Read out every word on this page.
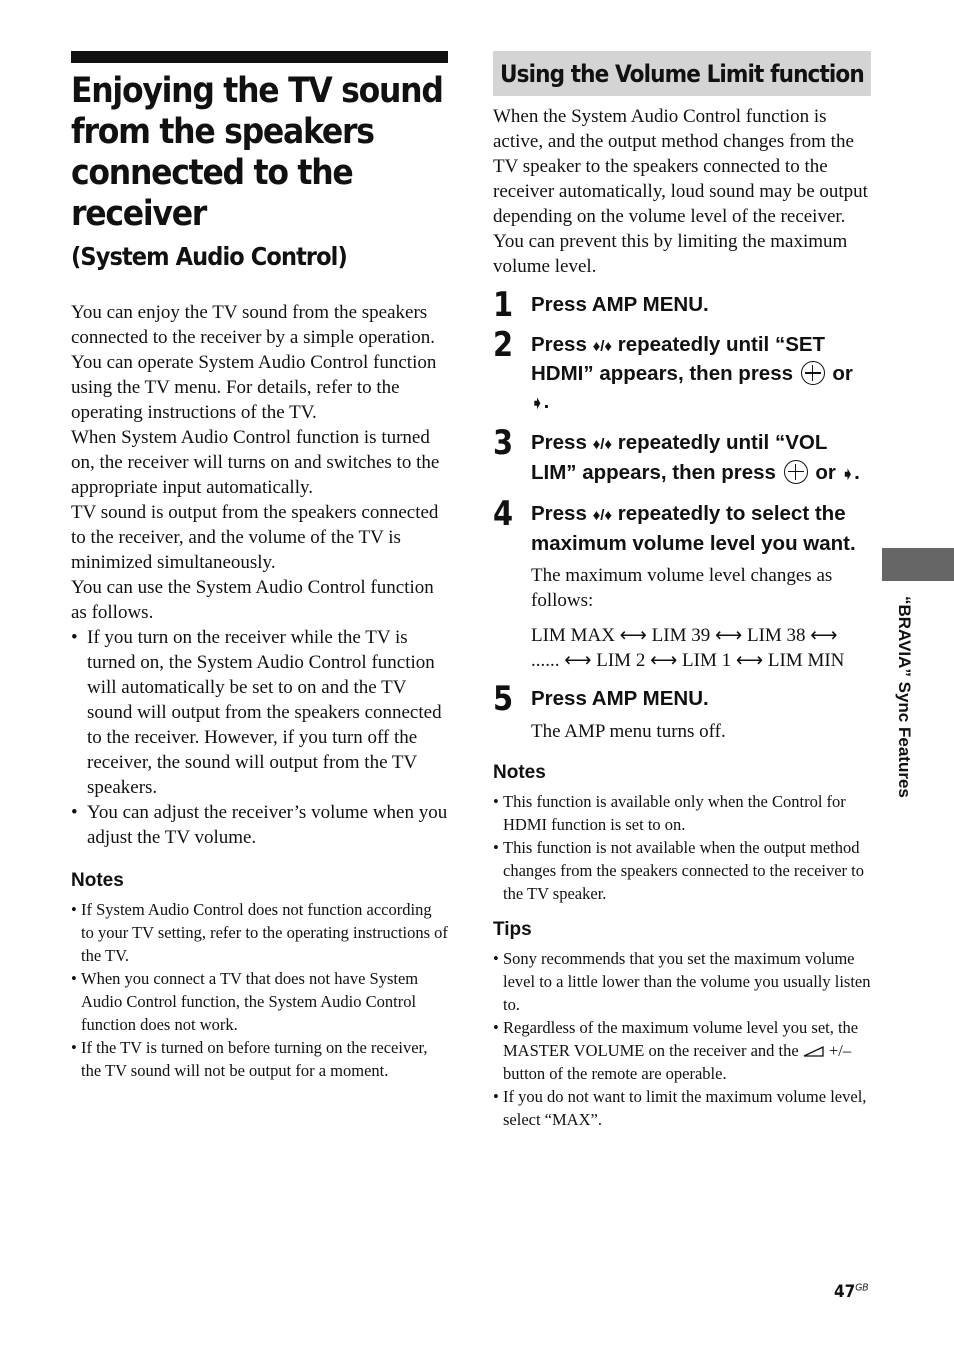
Enjoying the TV sound from the speakers connected to the receiver
(System Audio Control)

You can enjoy the TV sound from the speakers connected to the receiver by a simple operation.

You can operate System Audio Control function using the TV menu. For details, refer to the operating instructions of the TV.

When System Audio Control function is turned on, the receiver will turns on and switches to the appropriate input automatically.

TV sound is output from the speakers connected to the receiver, and the volume of the TV is minimized simultaneously.

You can use the System Audio Control function as follows.

• If you turn on the receiver while the TV is turned on, the System Audio Control function will automatically be set to on and the TV sound will output from the speakers connected to the receiver. However, if you turn off the receiver, the sound will output from the TV speakers.
• You can adjust the receiver’s volume when you adjust the TV volume.
Notes
• If System Audio Control does not function according to your TV setting, refer to the operating instructions of the TV.
• When you connect a TV that does not have System Audio Control function, the System Audio Control function does not work.
• If the TV is turned on before turning on the receiver, the TV sound will not be output for a moment.
Using the Volume Limit function

When the System Audio Control function is active, and the output method changes from the TV speaker to the speakers connected to the receiver automatically, loud sound may be output depending on the volume level of the receiver. You can prevent this by limiting the maximum volume level.

1 Press AMP MENU.
2 Press ♦/♦ repeatedly until “SET HDMI” appears, then press  or ➧.
3 Press ♦/♦ repeatedly until “VOL LIM” appears, then press  or ➧.
4 Press ♦/♦ repeatedly to select the maximum volume level you want.
The maximum volume level changes as follows:
LIM MAX ⟷ LIM 39 ⟷ LIM 38 ⟷
...... ⟷ LIM 2 ⟷ LIM 1 ⟷ LIM MIN
5 Press AMP MENU.
The AMP menu turns off.
Notes
• This function is available only when the Control for HDMI function is set to on.
• This function is not available when the output method changes from the speakers connected to the receiver to the TV speaker.
Tips
• Sony recommends that you set the maximum volume level to a little lower than the volume you usually listen to.
• Regardless of the maximum volume level you set, the MASTER VOLUME on the receiver and the +/– button of the remote are operable.
• If you do not want to limit the maximum volume level, select “MAX”.
“BRAVIA” Sync Features
$47^{GB}$
